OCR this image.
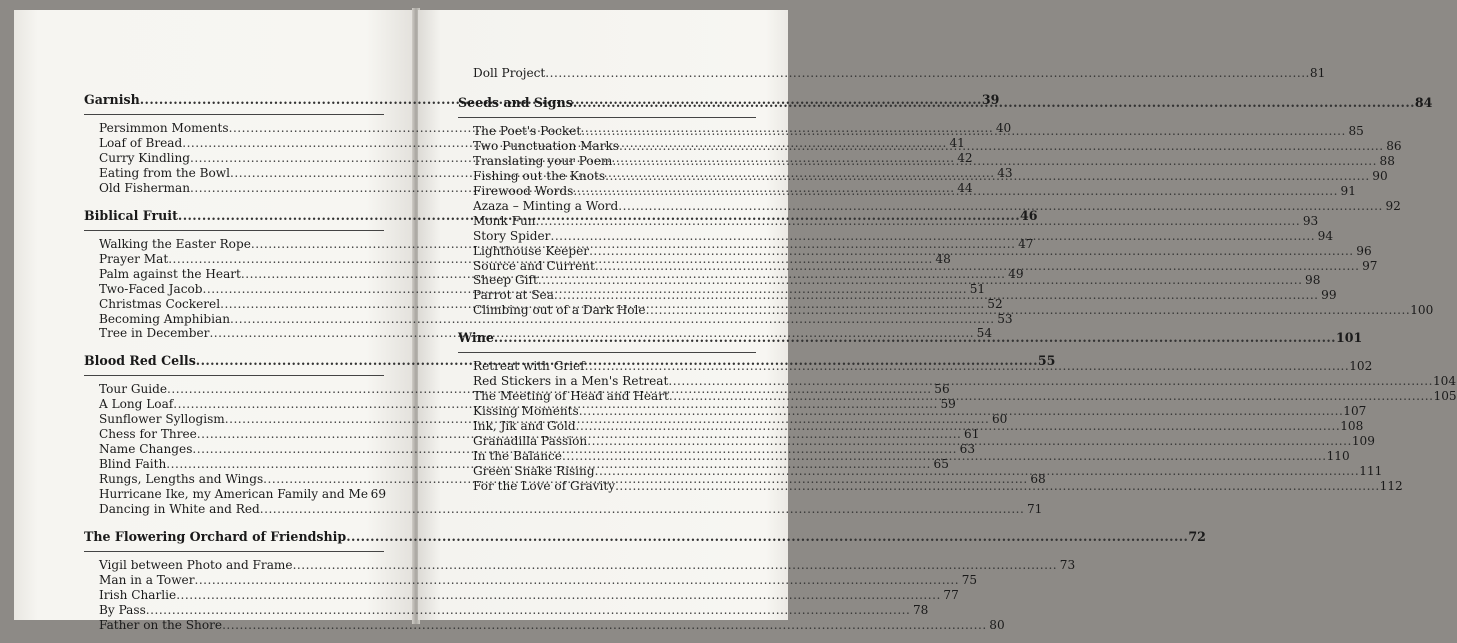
Garnish .....	39
Persimmon Moments .....	40
Loaf of Bread .....	41
Curry Kindling .....	42
Eating from the Bowl .....	43
Old Fisherman .....	44
Biblical Fruit .....	46
Walking the Easter Rope .....	47
Prayer Mat .....	48
Palm against the Heart .....	49
Two-Faced Jacob .....	51
Christmas Cockerel .....	52
Becoming Amphibian .....	53
Tree in December .....	54
Blood Red Cells .....	55
Tour Guide .....	56
A Long Loaf .....	59
Sunflower Syllogism .....	60
Chess for Three .....	61
Name Changes .....	63
Blind Faith .....	65
Rungs, Lengths and Wings .....	68
Hurricane Ike, my American Family and Me 69
Dancing in White and Red .....	71
The Flowering Orchard of Friendship .....	72
Vigil between Photo and Frame .....	73
Man in a Tower .....	75
Irish Charlie .....	77
By Pass .....	78
Father on the Shore .....	80
Doll Project .....	81
Seeds and Signs .....	84
The Poet's Pocket .....	85
Two Punctuation Marks .....	86
Translating your Poem .....	88
Fishing out the Knots .....	90
Firewood Words .....	91
Azaza – Minting a Word .....	92
Monk Fun .....	93
Story Spider .....	94
Lighthouse Keeper .....	96
Source and Current .....	97
Sheep Gift .....	98
Parrot at Sea .....	99
Climbing out of a Dark Hole .....	100
Wine .....	101
Retreat with Grief .....	102
Red Stickers in a Men's Retreat .....	104
The Meeting of Head and Heart .....	105
Kissing Moments .....	107
Ink, Jik and Gold .....	108
Granadilla Passion .....	109
In the Balance .....	110
Green Snake Rising .....	111
For the Love of Gravity .....	112
